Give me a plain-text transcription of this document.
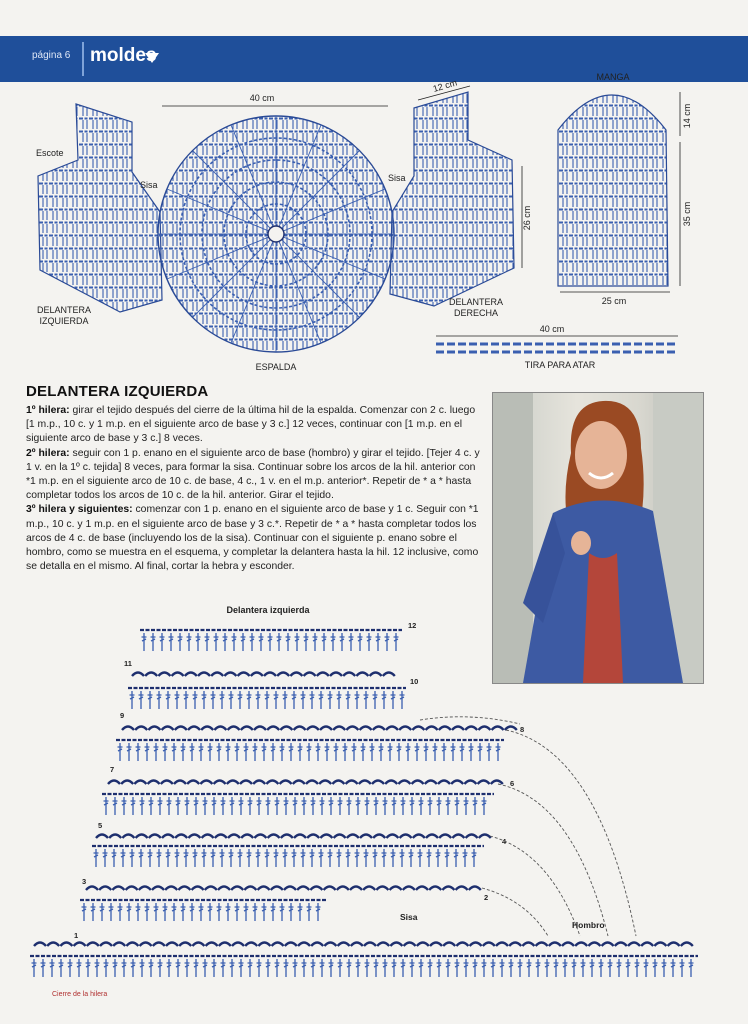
página 6 moldes
40 cm
12 cm
26 cm
14 cm
35 cm
25 cm
40 cm
MANGA
Escote
Sisa
Sisa
DELANTERA IZQUIERDA
DELANTERA DERECHA
ESPALDA	TIRA PARA ATAR
DELANTERA IZQUIERDA

1º hilera: girar el tejido después del cierre de la última hil de la espalda. Comenzar con 2 c. luego [1 m.p., 10 c. y 1 m.p. en el siguiente arco de base y 3 c.] 12 veces, continuar con [1 m.p. en el siguiente arco de base y 3 c.] 8 veces.

2º hilera: seguir con 1 p. enano en el siguiente arco de base (hombro) y girar el tejido. [Tejer 4 c. y 1 v. en la 1º c. tejida] 8 veces, para formar la sisa. Continuar sobre los arcos de la hil. anterior con *1 m.p. en el siguiente arco de 10 c. de base, 4 c., 1 v. en el m.p. anterior*. Repetir de * a * hasta completar todos los arcos de 10 c. de la hil. anterior. Girar el tejido.

3º hilera y siguientes: comenzar con 1 p. enano en el siguiente arco de base y 1 c. Seguir con *1 m.p., 10 c. y 1 m.p. en el siguiente arco de base y 3 c.*. Repetir de * a * hasta completar todos los arcos de 4 c. de base (incluyendo los de la sisa). Continuar con el siguiente p. enano sobre el hombro, como se muestra en el esquema, y completar la delantera hasta la hil. 12 inclusive, como se detalla en el mismo. Al final, cortar la hebra y esconder.

Delantera izquierda
1
2
3
4
5
6
7
8
9
10
11
12
Sisa
Hombro
Cierre de la hilera
